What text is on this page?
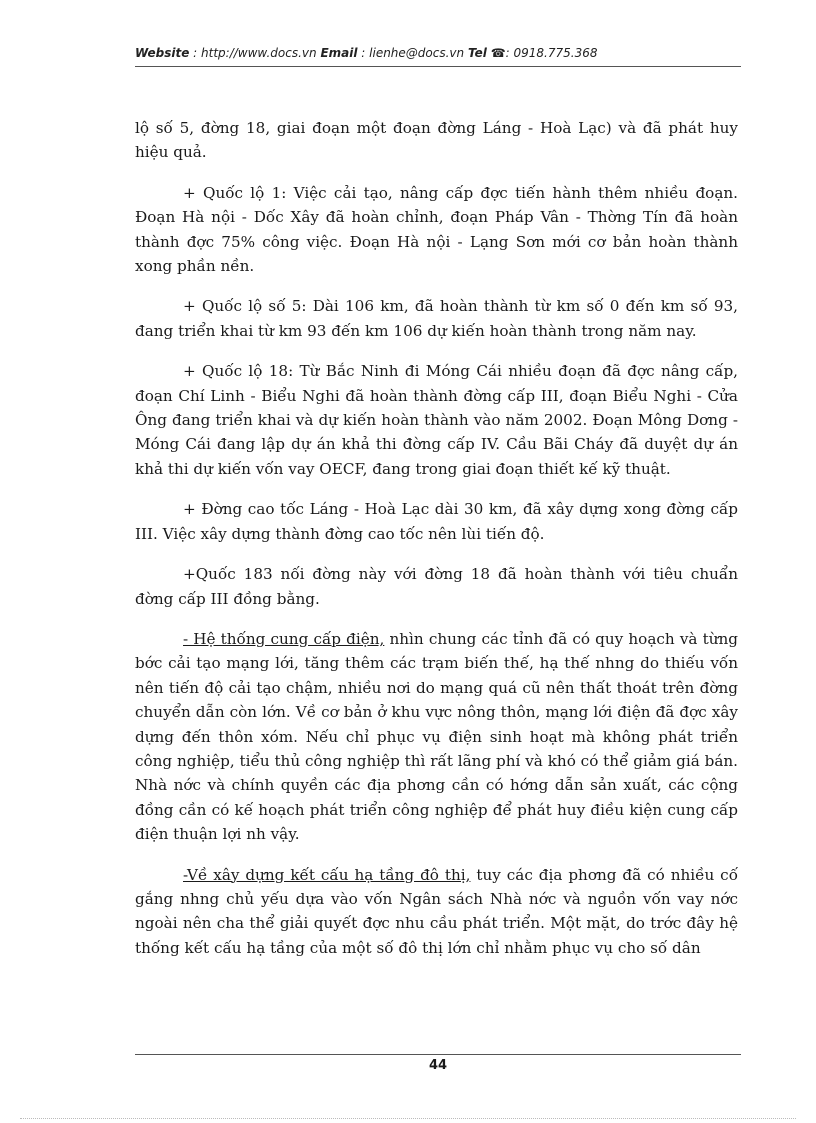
Website : http://www.docs.vn Email : lienhe@docs.vn Tel ☎: 0918.775.368

lộ số 5, đờng 18, giai đoạn một đoạn đờng Láng - Hoà Lạc) và đã phát huy hiệu quả.

+ Quốc lộ 1: Việc cải tạo, nâng cấp đợc tiến hành thêm nhiều đoạn. Đoạn Hà nội - Dốc Xây đã hoàn chỉnh, đoạn Pháp Vân - Thờng Tín đã hoàn thành đợc 75% công việc. Đoạn Hà nội - Lạng Sơn mới cơ bản hoàn thành xong phần nền.

+ Quốc lộ số 5: Dài 106 km, đã hoàn thành từ km số 0 đến km số 93, đang triển khai từ km 93 đến km 106 dự kiến hoàn thành trong năm nay.

+ Quốc lộ 18: Từ Bắc Ninh đi Móng Cái nhiều đoạn đã đợc nâng cấp, đoạn Chí Linh - Biểu Nghi đã hoàn thành đờng cấp III, đoạn Biểu Nghi - Cửa Ông đang triển khai và dự kiến hoàn thành vào năm 2002. Đoạn Mông Dơng - Móng Cái đang lập dự án khả thi đờng cấp IV. Cầu Bãi Cháy đã duyệt dự án khả thi dự kiến vốn vay OECF, đang trong giai đoạn thiết kế kỹ thuật.

+ Đờng cao tốc Láng - Hoà Lạc dài 30 km, đã xây dựng xong đờng cấp III. Việc xây dựng thành đờng cao tốc nên lùi tiến độ.

+Quốc 183 nối đờng này với đờng 18 đã hoàn thành với tiêu chuẩn đờng cấp III đồng bằng.

- Hệ thống cung cấp điện, nhìn chung các tỉnh đã có quy hoạch và từng bớc cải tạo mạng lới, tăng thêm các trạm biến thế, hạ thế nhng do thiếu vốn nên tiến độ cải tạo chậm, nhiều nơi do mạng quá cũ nên thất thoát trên đờng chuyển dẫn còn lớn. Về cơ bản ở khu vực nông thôn, mạng lới điện đã đợc xây dựng đến thôn xóm. Nếu chỉ phục vụ điện sinh hoạt mà không phát triển công nghiệp, tiểu thủ công nghiệp thì rất lãng phí và khó có thể giảm giá bán. Nhà nớc và chính quyền các địa phơng cần có hớng dẫn sản xuất, các cộng đồng cần có kế hoạch phát triển công nghiệp để phát huy điều kiện cung cấp điện thuận lợi nh vậy.

-Về xây dựng kết cấu hạ tầng đô thị, tuy các địa phơng đã có nhiều cố gắng nhng chủ yếu dựa vào vốn Ngân sách Nhà nớc và nguồn vốn vay nớc ngoài nên cha thể giải quyết đợc nhu cầu phát triển. Một mặt, do trớc đây hệ thống kết cấu hạ tầng của một số đô thị lớn chỉ nhằm phục vụ cho số dân

44
